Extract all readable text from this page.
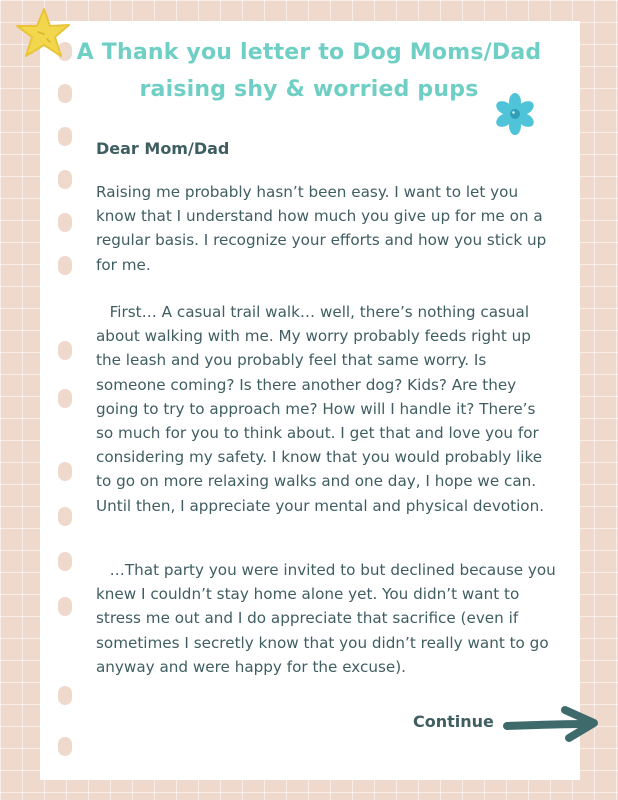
A Thank you letter to Dog Moms/Dad
raising shy & worried pups

Dear Mom/Dad

Raising me probably hasn’t been easy. I want to let you know that I understand how much you give up for me on a regular basis. I recognize your efforts and how you stick up for me.

First… A casual trail walk… well, there’s nothing casual about walking with me. My worry probably feeds right up the leash and you probably feel that same worry. Is someone coming? Is there another dog? Kids? Are they going to try to approach me? How will I handle it? There’s so much for you to think about. I get that and love you for considering my safety. I know that you would probably like to go on more relaxing walks and one day, I hope we can. Until then, I appreciate your mental and physical devotion.

…That party you were invited to but declined because you knew I couldn’t stay home alone yet. You didn’t want to stress me out and I do appreciate that sacrifice (even if sometimes I secretly know that you didn’t really want to go anyway and were happy for the excuse).

Continue
